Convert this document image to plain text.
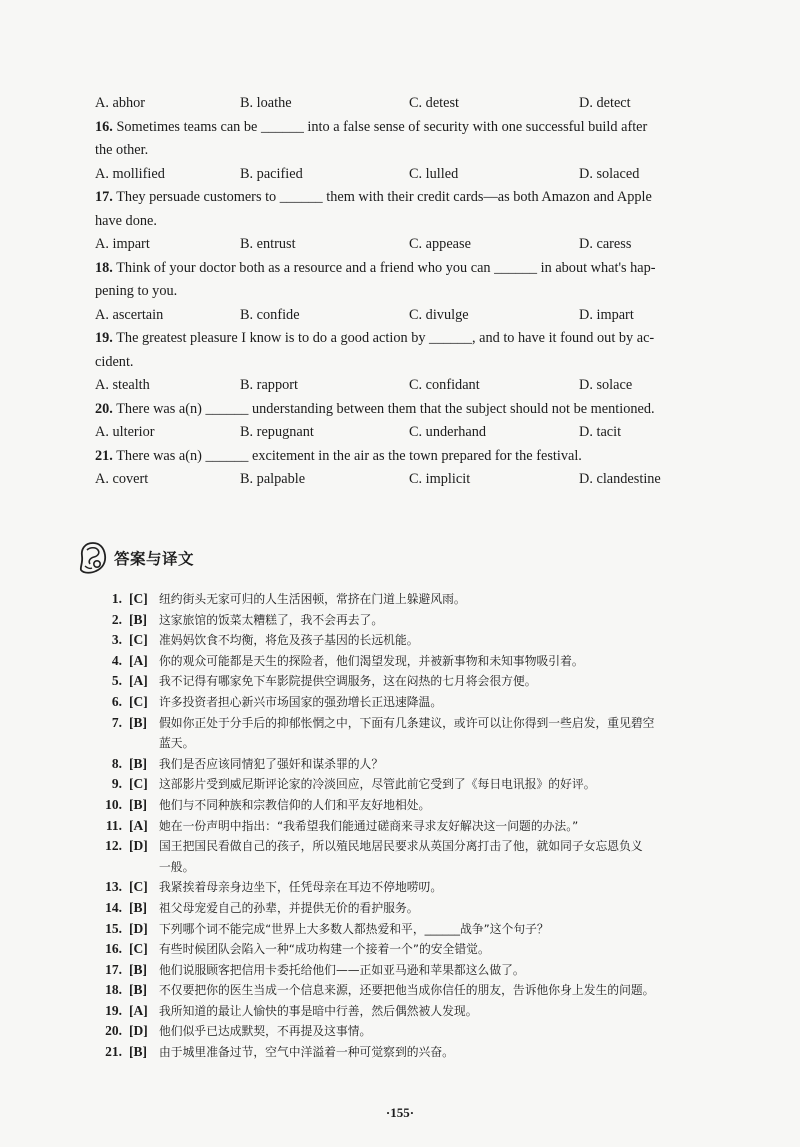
A. abhor	B. loathe	C. detest	D. detect
16. Sometimes teams can be ______ into a false sense of security with one successful build after
the other.
A. mollified	B. pacified	C. lulled	D. solaced
17. They persuade customers to ______ them with their credit cards—as both Amazon and Apple
have done.
A. impart	B. entrust	C. appease	D. caress
18. Think of your doctor both as a resource and a friend who you can ______ in about what's hap-
pening to you.
A. ascertain	B. confide	C. divulge	D. impart
19. The greatest pleasure I know is to do a good action by ______, and to have it found out by ac-
cident.
A. stealth	B. rapport	C. confidant	D. solace
20. There was a(n) ______ understanding between them that the subject should not be mentioned.
A. ulterior	B. repugnant	C. underhand	D. tacit
21. There was a(n) ______ excitement in the air as the town prepared for the festival.
A. covert	B. palpable	C. implicit	D. clandestine
答案与译文
1. [C] 纽约街头无家可归的人生活困顿，常挤在门道上躲避风雨。
2. [B]	这家旅馆的饭菜太糟糕了，我不会再去了。
3. [C] 准妈妈饮食不均衡，将危及孩子基因的长远机能。
4. [A] 你的观众可能都是天生的探险者，他们渴望发现，并被新事物和未知事物吸引着。
5. [A] 我不记得有哪家免下车影院提供空调服务，这在闷热的七月将会很方便。
6. [C] 许多投资者担心新兴市场国家的强劲增长正迅速降温。
7. [B]	假如你正处于分手后的抑郁怅惘之中，下面有几条建议，或许可以让你得到一些启发，重见碧空
蓝天。
8. [B]	我们是否应该同情犯了强奸和谋杀罪的人？
9. [C] 这部影片受到威尼斯评论家的冷淡回应，尽管此前它受到了《每日电讯报》的好评。
10. [B]	他们与不同种族和宗教信仰的人们和平友好地相处。
11. [A] 她在一份声明中指出：“我希望我们能通过磋商来寻求友好解决这一问题的办法。”
12. [D] 国王把国民看做自己的孩子，所以殖民地居民要求从英国分离打击了他，就如同子女忘恩负义
一般。
13. [C] 我紧挨着母亲身边坐下，任凭母亲在耳边不停地唠叨。
14. [B]	祖父母宠爱自己的孙辈，并提供无价的看护服务。
15. [D] 下列哪个词不能完成“世界上大多数人都热爱和平，______战争”这个句子？
16. [C] 有些时候团队会陷入一种“成功构建一个接着一个”的安全错觉。
17. [B]	他们说服顾客把信用卡委托给他们——正如亚马逊和苹果都这么做了。
18. [B]	不仅要把你的医生当成一个信息来源，还要把他当成你信任的朋友，告诉他你身上发生的问题。
19. [A] 我所知道的最让人愉快的事是暗中行善，然后偶然被人发现。
20. [D] 他们似乎已达成默契，不再提及这事情。
21. [B]	由于城里准备过节，空气中洋溢着一种可觉察到的兴奋。
·155·
